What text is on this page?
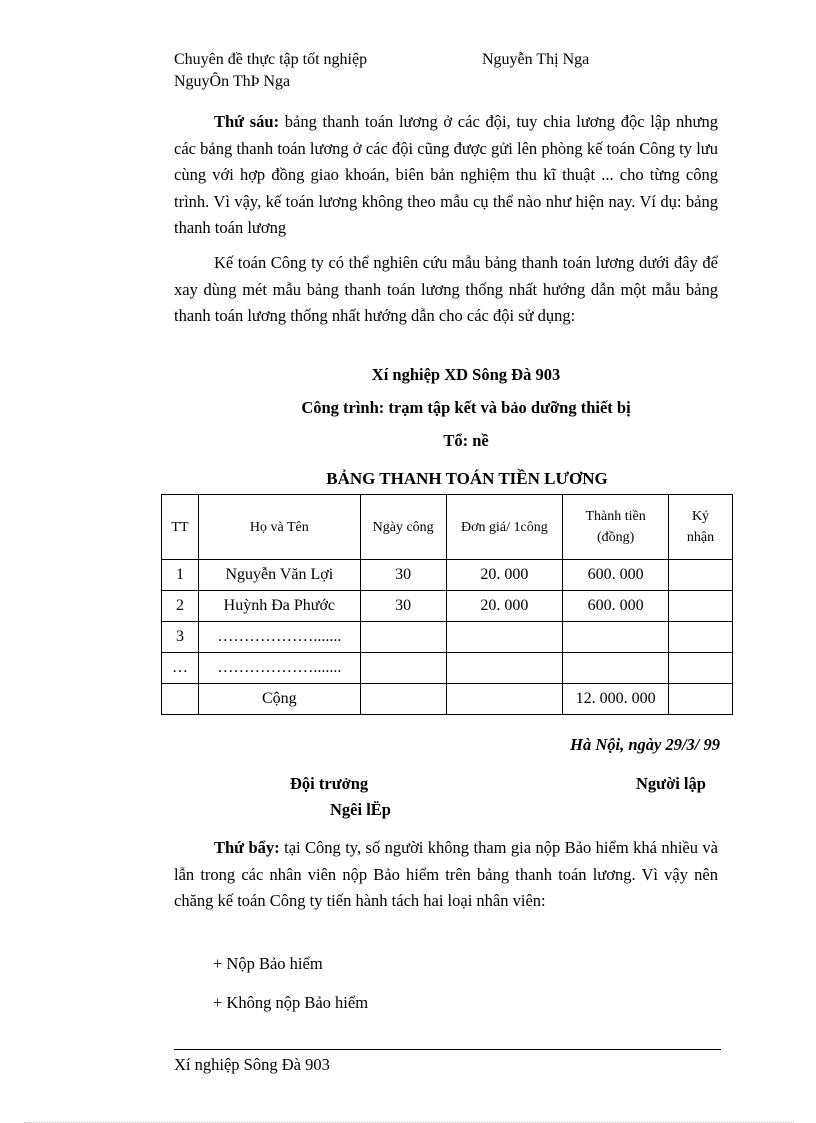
Chuyên đề thực tập tốt nghiệp	Nguyễn Thị Nga
NguyÔn ThÞ Nga
Thứ sáu: bảng thanh toán lương ở các đội, tuy chia lương độc lập nhưng các bảng thanh toán lương ở các đội cũng được gửi lên phòng kế toán Công ty lưu cùng với hợp đồng giao khoán, biên bản nghiệm thu kĩ thuật ... cho từng công trình. Vì vậy, kế toán lương không theo mẫu cụ thể nào như hiện nay. Ví dụ: bảng thanh toán lương
Kế toán Công ty có thể nghiên cứu mẫu bảng thanh toán lương dưới đây để xay dùng mét mẫu bảng thanh toán lương thống nhất hướng dẫn một mẫu bảng thanh toán lương thống nhất hướng dẫn cho các đội sử dụng:
Xí nghiệp XD Sông Đà 903
Công trình: trạm tập kết và bảo dưỡng thiết bị
Tổ: nề
BẢNG THANH TOÁN TIỀN LƯƠNG
TT	Họ và Tên	Ngày công	Đơn giá/ 1công	Thành tiền (đồng)	Ký nhận
1	Nguyễn Văn Lợi	30	20. 000	600. 000	
2	Huỳnh Đa Phước	30	20. 000	600. 000	
3	……………….......				
…	……………….......				
	Cộng			12. 000. 000	
Hà Nội, ngày 29/3/ 99
Đội trưởng	Người lập
Ngêi lËp
Thứ bẩy: tại Công ty, số người không tham gia nộp Bảo hiểm khá nhiều và lẫn trong các nhân viên nộp Bảo hiểm trên bảng thanh toán lương. Vì vậy nên chăng kế toán Công ty tiến hành tách hai loại nhân viên:
+ Nộp Bảo hiểm
+ Không nộp Bảo hiểm
Xí nghiệp Sông Đà 903
